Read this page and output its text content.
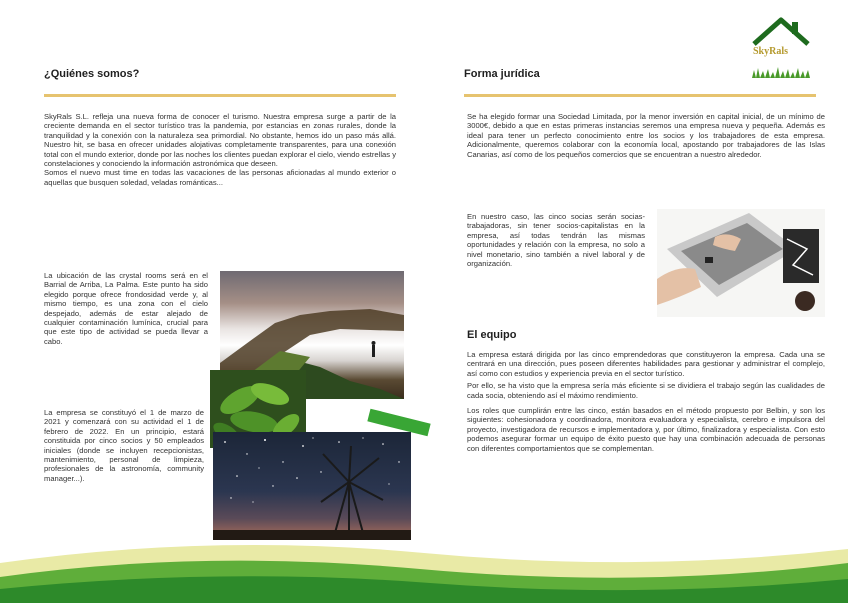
SkyRals
¿Quiénes somos?

SkyRals S.L. refleja una nueva forma de conocer el turismo. Nuestra empresa surge a partir de la creciente demanda en el sector turístico tras la pandemia, por estancias en zonas rurales, donde la tranquilidad y la conexión con la naturaleza sea primordial. No obstante, hemos ido un paso más allá. Nuestro hit, se basa en ofrecer unidades alojativas completamente transparentes, para una conexión total con el mundo exterior, donde por las noches los clientes puedan explorar el cielo, viendo estrellas y constelaciones y conociendo la información astronómica que deseen.

Somos el nuevo must time en todas las vacaciones de las personas aficionadas al mundo exterior o aquellas que busquen soledad, veladas románticas...

La ubicación de las crystal rooms será en el Barrial de Arriba, La Palma. Este punto ha sido elegido porque ofrece frondosidad verde y, al mismo tiempo, es una zona con el cielo despejado, además de estar alejado de cualquier contaminación lumínica, crucial para que este tipo de actividad se pueda llevar a cabo.
La empresa se constituyó el 1 de marzo de 2021 y comenzará con su actividad el 1 de febrero de 2022. En un principio, estará constituida por cinco socios y 50 empleados iniciales (donde se incluyen recepcionistas, mantenimiento, personal de limpieza, profesionales de la astronomía, community manager...).
Forma jurídica
Se ha elegido formar una Sociedad Limitada, por la menor inversión en capital inicial, de un mínimo de 3000€, debido a que en estas primeras instancias seremos una empresa nueva y pequeña. Además es ideal para tener un perfecto conocimiento entre los socios y los trabajadores de esta empresa. Adicionalmente, queremos colaborar con la economía local, apostando por trabajadores de las Islas Canarias, así como de los pequeños comercios que se encuentran a nuestro alrededor.
En nuestro caso, las cinco socias serán socias-trabajadoras, sin tener socios-capitalistas en la empresa, así todas tendrán las mismas oportunidades y relación con la empresa, no solo a nivel monetario, sino también a nivel laboral y de organización.
El equipo

La empresa estará dirigida por las cinco emprendedoras que constituyeron la empresa. Cada una se centrará en una dirección, pues poseen diferentes habilidades para gestionar y administrar el complejo, así como con estudios y experiencia previa en el sector turístico.

Por ello, se ha visto que la empresa sería más eficiente si se dividiera el trabajo según las cualidades de cada socia, obteniendo así el máximo rendimiento.

Los roles que cumplirán entre las cinco, están basados en el método propuesto por Belbin, y son los siguientes: cohesionadora y coordinadora, monitora evaluadora y especialista, cerebro e impulsora del proyecto, investigadora de recursos e implementadora y, por último, finalizadora y especialista. Con esto podemos asegurar formar un equipo de éxito puesto que hay una combinación adecuada de personas con diferentes comportamientos que se complementan.
